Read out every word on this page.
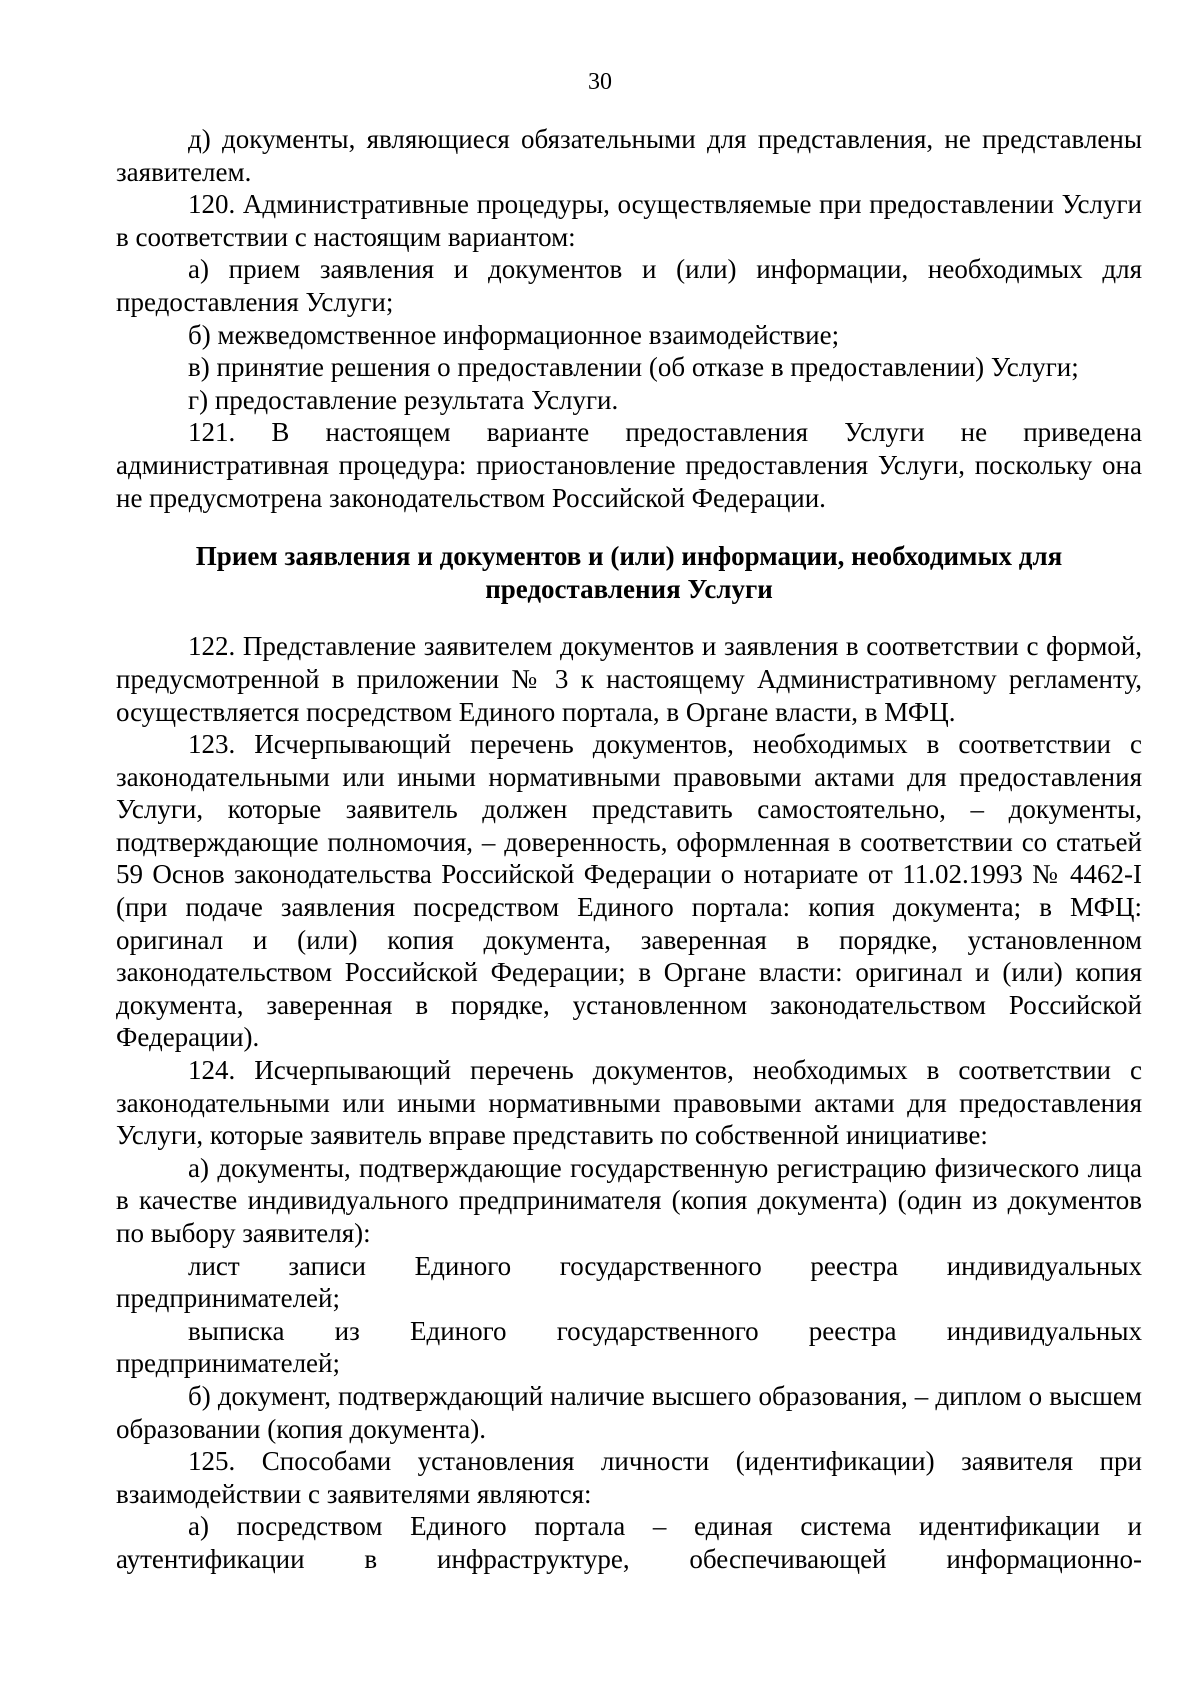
30

д) документы, являющиеся обязательными для представления, не представлены заявителем.

120. Административные процедуры, осуществляемые при предоставлении Услуги в соответствии с настоящим вариантом:

а) прием заявления и документов и (или) информации, необходимых для предоставления Услуги;

б) межведомственное информационное взаимодействие;

в) принятие решения о предоставлении (об отказе в предоставлении) Услуги;

г) предоставление результата Услуги.

121. В настоящем варианте предоставления Услуги не приведена административная процедура: приостановление предоставления Услуги, поскольку она не предусмотрена законодательством Российской Федерации.

Прием заявления и документов и (или) информации, необходимых для предоставления Услуги

122. Представление заявителем документов и заявления в соответствии с формой, предусмотренной в приложении № 3 к настоящему Административному регламенту, осуществляется посредством Единого портала, в Органе власти, в МФЦ.

123. Исчерпывающий перечень документов, необходимых в соответствии с законодательными или иными нормативными правовыми актами для предоставления Услуги, которые заявитель должен представить самостоятельно, – документы, подтверждающие полномочия, – доверенность, оформленная в соответствии со статьей 59 Основ законодательства Российской Федерации о нотариате от 11.02.1993 № 4462-I (при подаче заявления посредством Единого портала: копия документа; в МФЦ: оригинал и (или) копия документа, заверенная в порядке, установленном законодательством Российской Федерации; в Органе власти: оригинал и (или) копия документа, заверенная в порядке, установленном законодательством Российской Федерации).

124. Исчерпывающий перечень документов, необходимых в соответствии с законодательными или иными нормативными правовыми актами для предоставления Услуги, которые заявитель вправе представить по собственной инициативе:

а) документы, подтверждающие государственную регистрацию физического лица в качестве индивидуального предпринимателя (копия документа) (один из документов по выбору заявителя):

лист записи Единого государственного реестра индивидуальных предпринимателей;

выписка из Единого государственного реестра индивидуальных предпринимателей;

б) документ, подтверждающий наличие высшего образования, – диплом о высшем образовании (копия документа).

125. Способами установления личности (идентификации) заявителя при взаимодействии с заявителями являются:

а) посредством Единого портала – единая система идентификации и аутентификации в инфраструктуре, обеспечивающей информационно-
